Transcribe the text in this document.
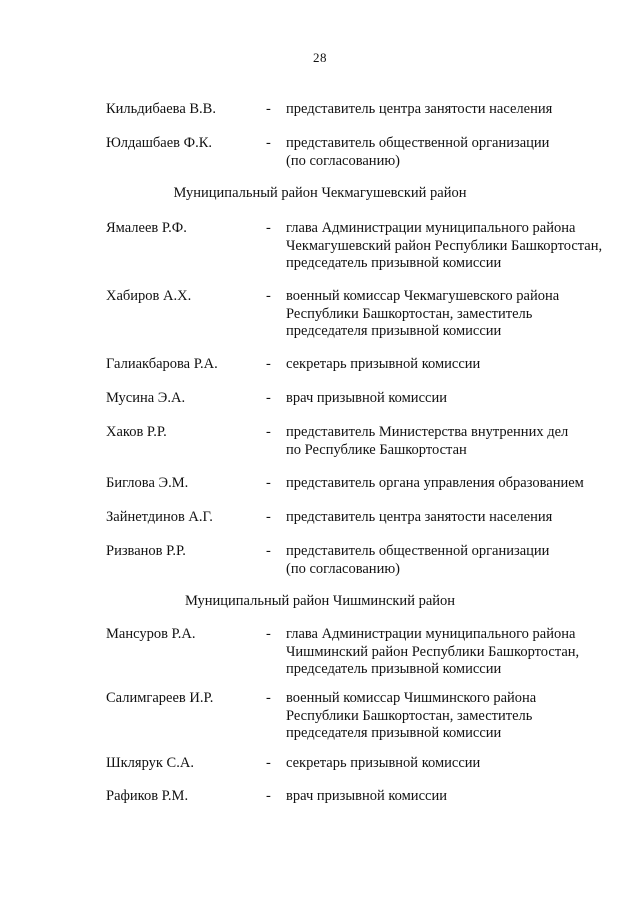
28
Кильдибаева В.В.	- представитель центра занятости населения
Юлдашбаев Ф.К.	- представитель общественной организации
(по согласованию)
Муниципальный район Чекмагушевский район
Ямалеев Р.Ф.	- глава Администрации муниципального района
Чекмагушевский район Республики Башкортостан,
председатель призывной комиссии
Хабиров А.Х.	- военный комиссар Чекмагушевского района
Республики Башкортостан, заместитель
председателя призывной комиссии
Галиакбарова Р.А.	- секретарь призывной комиссии
Мусина Э.А.	- врач призывной комиссии
Хаков Р.Р.	- представитель Министерства внутренних дел
по Республике Башкортостан
Биглова Э.М.	- представитель органа управления образованием
Зайнетдинов А.Г.	- представитель центра занятости населения
Ризванов Р.Р.	- представитель общественной организации
(по согласованию)
Муниципальный район Чишминский район
Мансуров Р.А.	- глава Администрации муниципального района
Чишминский район Республики Башкортостан,
председатель призывной комиссии
Салимгареев И.Р.	- военный комиссар Чишминского района
Республики Башкортостан, заместитель
председателя призывной комиссии
Шклярук С.А.	- секретарь призывной комиссии
Рафиков Р.М.	- врач призывной комиссии
